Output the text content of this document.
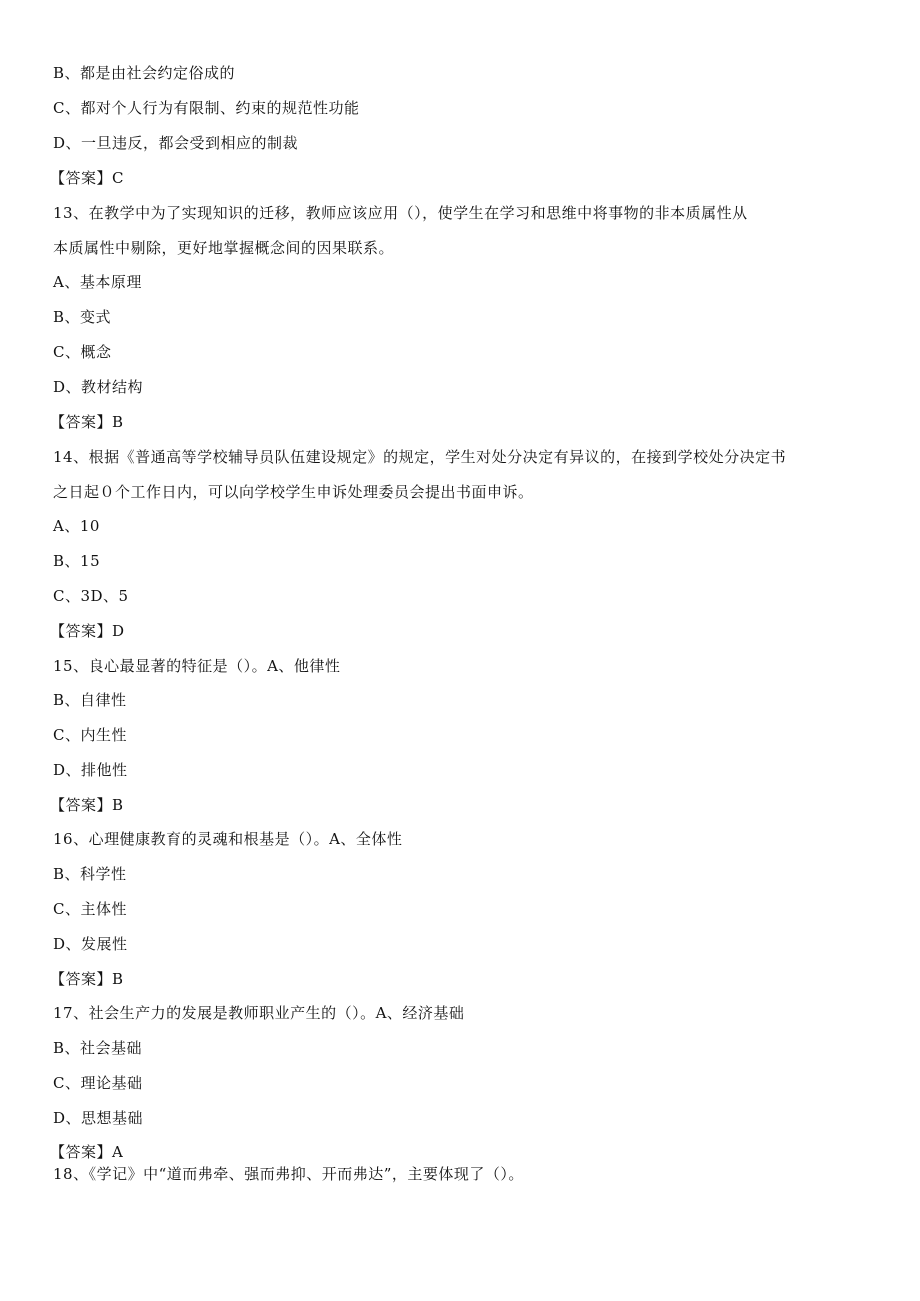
B、都是由社会约定俗成的
C、都对个人行为有限制、约束的规范性功能
D、一旦违反，都会受到相应的制裁
【答案】C
13、在教学中为了实现知识的迁移，教师应该应用（），使学生在学习和思维中将事物的非本质属性从
本质属性中剔除，更好地掌握概念间的因果联系。
A、基本原理
B、变式
C、概念
D、教材结构
【答案】B
14、根据《普通高等学校辅导员队伍建设规定》的规定，学生对处分决定有异议的，在接到学校处分决定书
之日起０个工作日内，可以向学校学生申诉处理委员会提出书面申诉。
A、10
B、15
C、3D、5
【答案】D
15、良心最显著的特征是（）。A、他律性
B、自律性
C、内生性
D、排他性
【答案】B
16、心理健康教育的灵魂和根基是（）。A、全体性
B、科学性
C、主体性
D、发展性
【答案】B
17、社会生产力的发展是教师职业产生的（）。A、经济基础
B、社会基础
C、理论基础
D、思想基础
【答案】A
18、《学记》中“道而弗牵、强而弗抑、开而弗达”，主要体现了（）。
